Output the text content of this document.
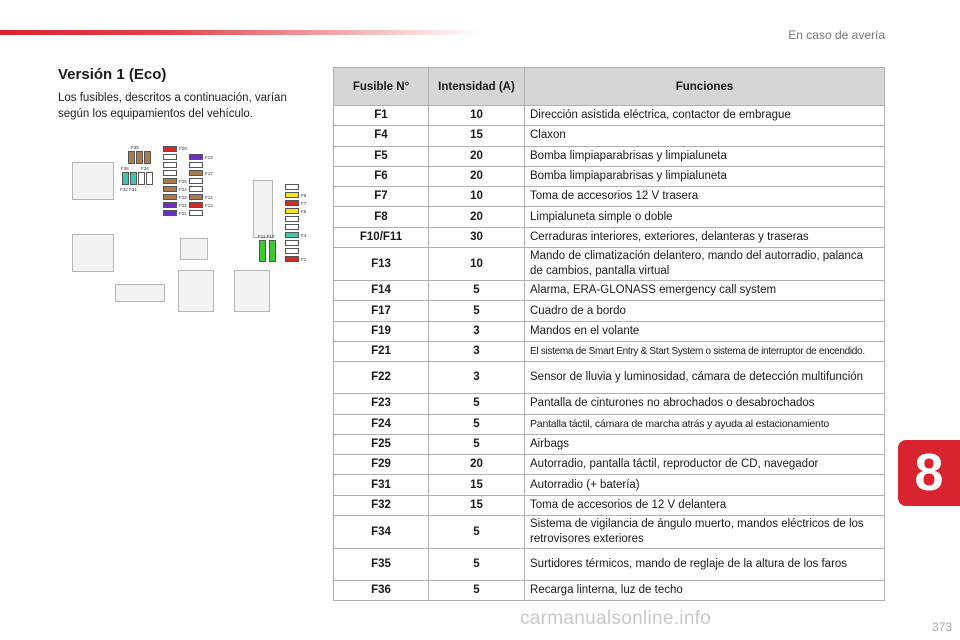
En caso de avería
8
Versión 1 (Eco)
Los fusibles, descritos a continuación, varían según los equipamientos del vehículo.
F35
F36	F34
F32 F31
F29
F19
F17
F25
F24
F23	F14
F22	F13
F21
F8
F7
F6
F4
F1
F11 F10
Fusible N°	Intensidad (A)	Funciones
F1	10	Dirección asistida eléctrica, contactor de embrague
F4	15	Claxon
F5	20	Bomba limpiaparabrisas y limpialuneta
F6	20	Bomba limpiaparabrisas y limpialuneta
F7	10	Toma de accesorios 12 V trasera
F8	20	Limpialuneta simple o doble
F10/F11	30	Cerraduras interiores, exteriores, delanteras y traseras
F13	10	Mando de climatización delantero, mando del autorradio, palanca de cambios, pantalla virtual
F14	5	Alarma, ERA-GLONASS emergency call system
F17	5	Cuadro de a bordo
F19	3	Mandos en el volante
F21	3	El sistema de Smart Entry & Start System o sistema de interruptor de encendido.
F22	3	Sensor de lluvia y luminosidad, cámara de detección multifunción
F23	5	Pantalla de cinturones no abrochados o desabrochados
F24	5	Pantalla táctil, cámara de marcha atrás y ayuda al estacionamiento
F25	5	Airbags
F29	20	Autorradio, pantalla táctil, reproductor de CD, navegador
F31	15	Autorradio (+ batería)
F32	15	Toma de accesorios de 12 V delantera
F34	5	Sistema de vigilancia de ángulo muerto, mandos eléctricos de los retrovisores exteriores
F35	5	Surtidores térmicos, mando de reglaje de la altura de los faros
F36	5	Recarga linterna, luz de techo
373
carmanualsonline.info
